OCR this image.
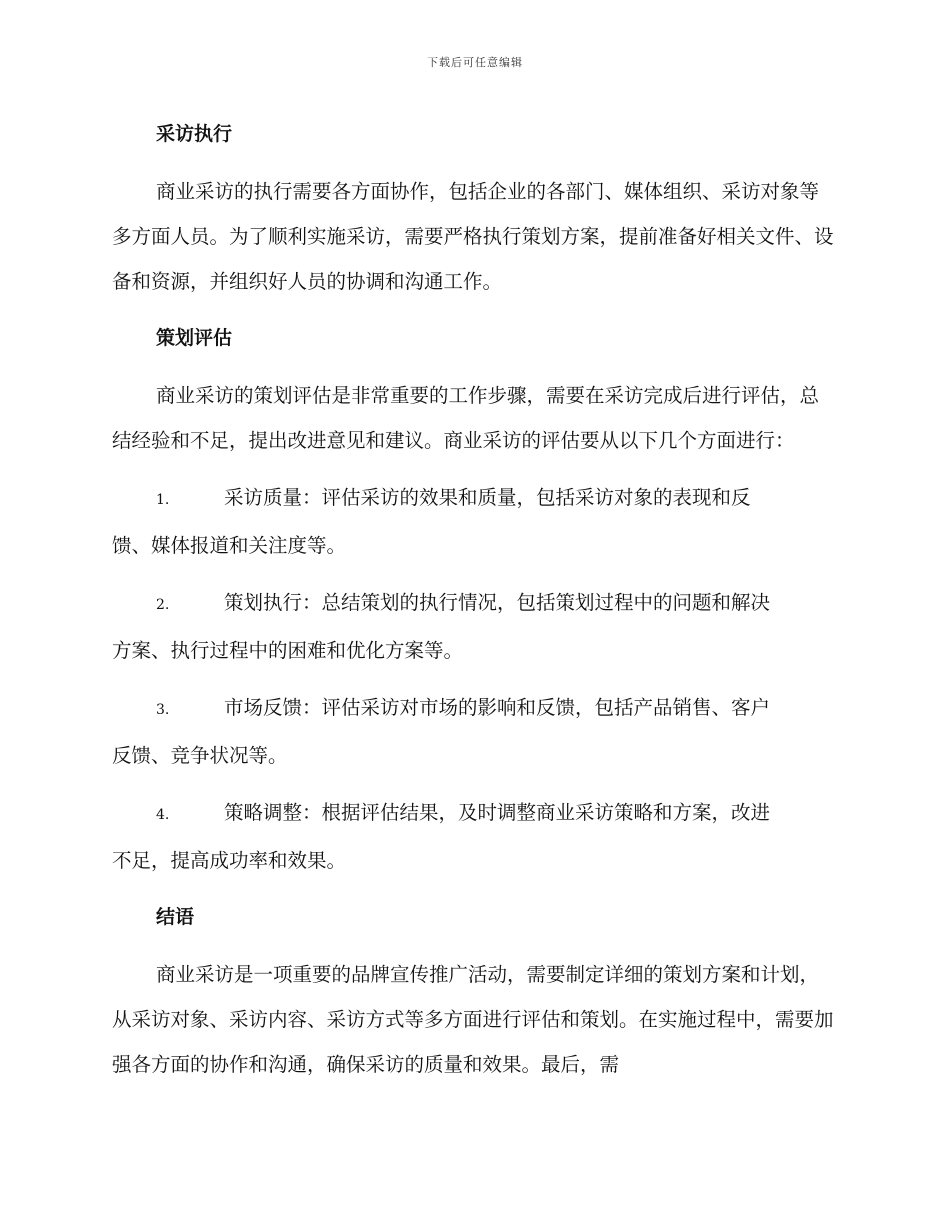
下载后可任意编辑

采访执行

商业采访的执行需要各方面协作，包括企业的各部门、媒体组织、采访对象等多方面人员。为了顺利实施采访，需要严格执行策划方案，提前准备好相关文件、设备和资源，并组织好人员的协调和沟通工作。

策划评估

商业采访的策划评估是非常重要的工作步骤，需要在采访完成后进行评估，总结经验和不足，提出改进意见和建议。商业采访的评估要从以下几个方面进行：

1.	采访质量：评估采访的效果和质量，包括采访对象的表现和反
馈、媒体报道和关注度等。
2.	策划执行：总结策划的执行情况，包括策划过程中的问题和解决
方案、执行过程中的困难和优化方案等。
3.	市场反馈：评估采访对市场的影响和反馈，包括产品销售、客户
反馈、竞争状况等。
4.	策略调整：根据评估结果，及时调整商业采访策略和方案，改进
不足，提高成功率和效果。

结语

商业采访是一项重要的品牌宣传推广活动，需要制定详细的策划方案和计划，从采访对象、采访内容、采访方式等多方面进行评估和策划。在实施过程中，需要加强各方面的协作和沟通，确保采访的质量和效果。最后，需
